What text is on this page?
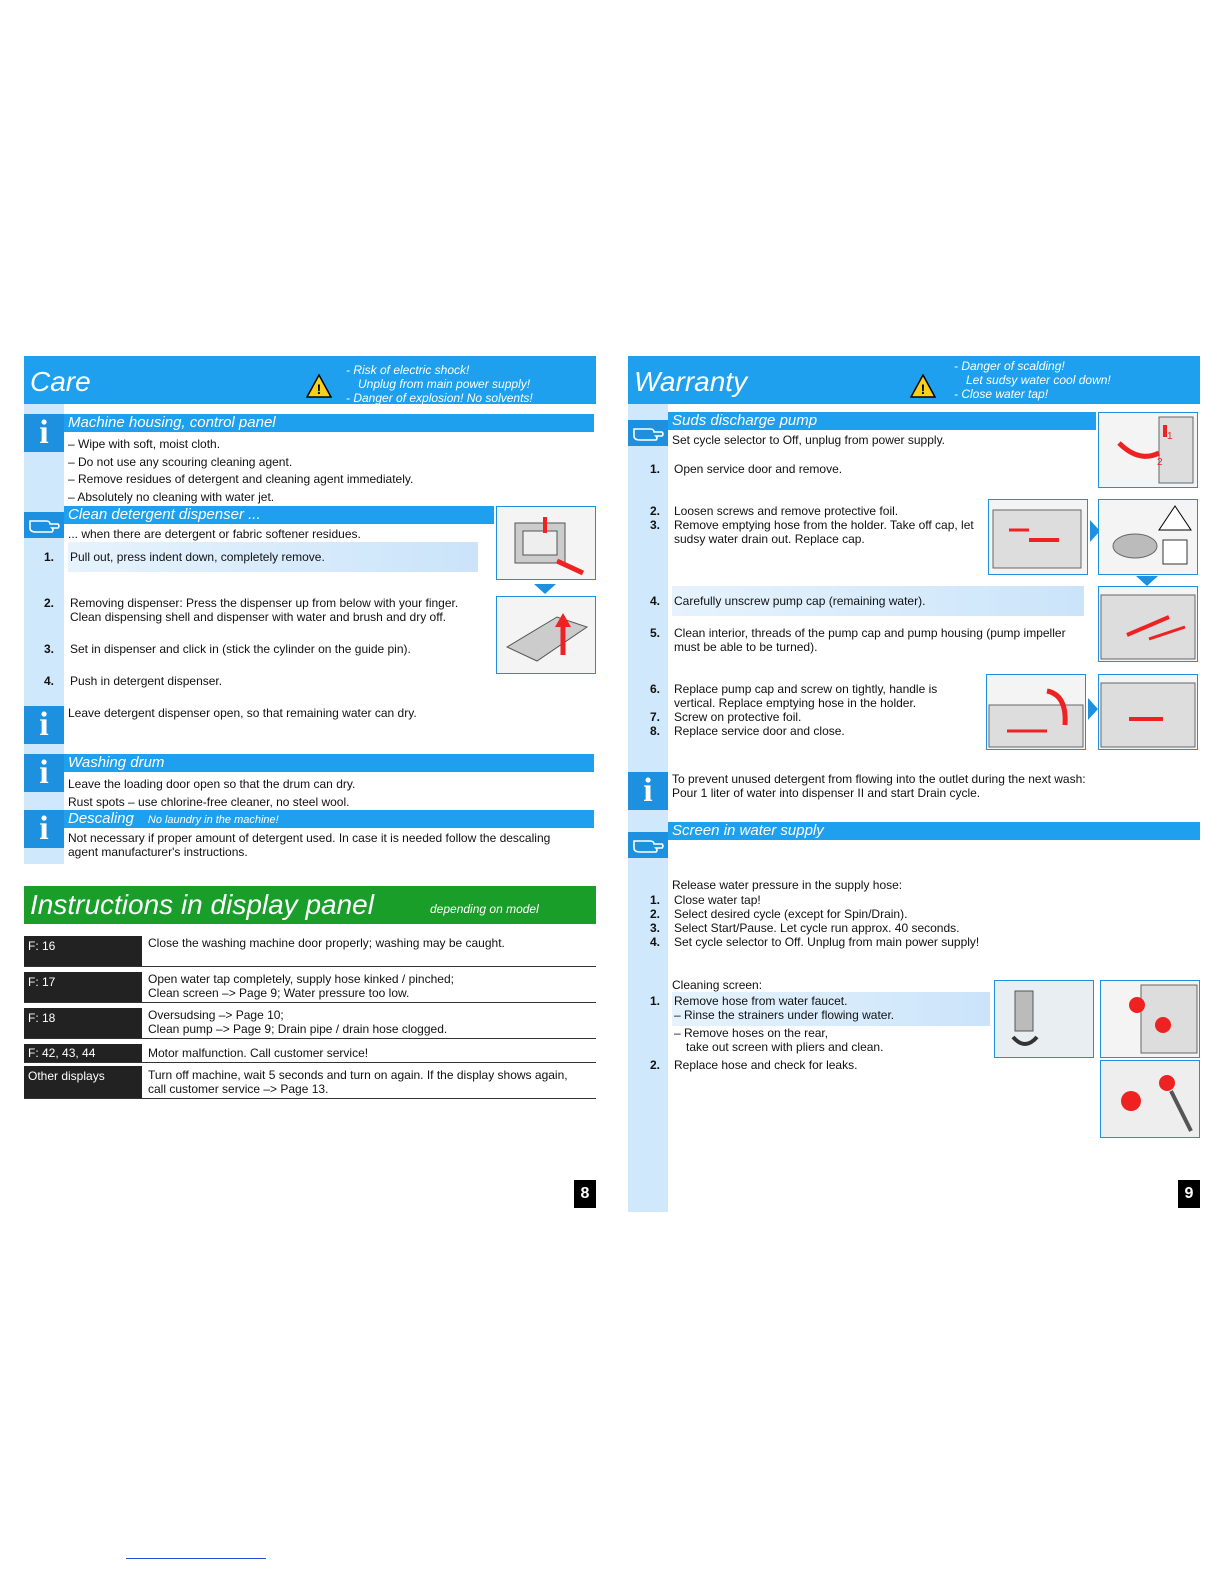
Care	!
- Risk of electric shock!
Unplug from main power supply!
- Danger of explosion! No solvents!
i	Machine housing, control panel
– Wipe with soft, moist cloth.
– Do not use any scouring cleaning agent.
– Remove residues of detergent and cleaning agent immediately.
– Absolutely no cleaning with water jet.
Clean detergent dispenser ...
... when there are detergent or fabric softener residues.
1. Pull out, press indent down, completely remove.
2. Removing dispenser: Press the dispenser up from below with your finger.
Clean dispensing shell and dispenser with water and brush and dry off.
3. Set in dispenser and click in (stick the cylinder on the guide pin).
4. Push in detergent dispenser.
i	Leave detergent dispenser open, so that remaining water can dry.
i	Washing drum
Leave the loading door open so that the drum can dry.
Rust spots – use chlorine-free cleaner, no steel wool.
i	Descaling No laundry in the machine!
Not necessary if proper amount of detergent used. In case it is needed follow the descaling
agent manufacturer's instructions.
Instructions in display panel	depending on model
F: 16	Close the washing machine door properly; washing may be caught.
F: 17	Open water tap completely, supply hose kinked / pinched;
Clean screen –> Page 9; Water pressure too low.
F: 18	Oversudsing –> Page 10;
Clean pump –> Page 9; Drain pipe / drain hose clogged.
F: 42, 43, 44	Motor malfunction. Call customer service!
Other displays	Turn off machine, wait 5 seconds and turn on again. If the display shows again,
call customer service –> Page 13.
8
Warranty	!
- Danger of scalding!
Let sudsy water cool down!
- Close water tap!
Suds discharge pump
Set cycle selector to Off, unplug from power supply.
1. Open service door and remove.
2. Loosen screws and remove protective foil.
3. Remove emptying hose from the holder. Take off cap, let
sudsy water drain out. Replace cap.
4. Carefully unscrew pump cap (remaining water).
5. Clean interior, threads of the pump cap and pump housing (pump impeller
must be able to be turned).
6. Replace pump cap and screw on tightly, handle is
vertical. Replace emptying hose in the holder.
7. Screw on protective foil.
8. Replace service door and close.
1
2
i	To prevent unused detergent from flowing into the outlet during the next wash:
Pour 1 liter of water into dispenser II and start Drain cycle.
Screen in water supply
Release water pressure in the supply hose:
1. Close water tap!
2. Select desired cycle (except for Spin/Drain).
3. Select Start/Pause. Let cycle run approx. 40 seconds.
4. Set cycle selector to Off. Unplug from main power supply!
Cleaning screen:
1. Remove hose from water faucet.
– Rinse the strainers under flowing water.
– Remove hoses on the rear,
take out screen with pliers and clean.
2. Replace hose and check for leaks.
9
